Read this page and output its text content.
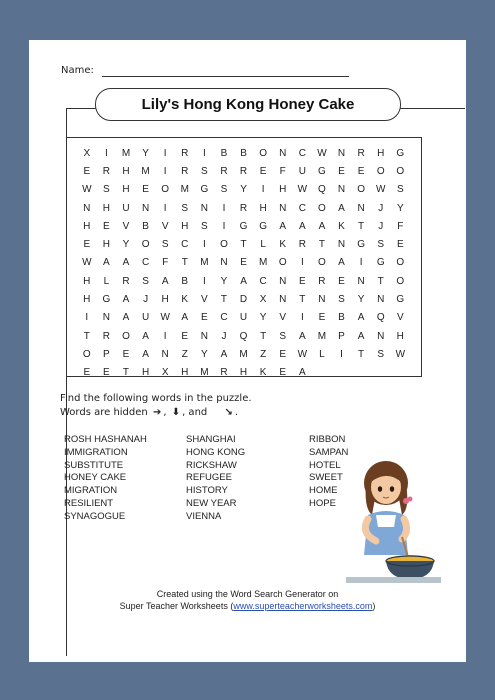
Name:
Lily's Hong Kong Honey Cake
X	I	M	Y	I	R	I	B	B	O	N	C	W	N	R	H	G
E	R	H	M	I	R	S	R	R	E	F	U	G	E	E	O	O
W	S	H	E	O	M	G	S	Y	I	H	W	Q	N	O	W	S
N	H	U	N	I	S	N	I	R	H	N	C	O	A	N	J	Y
H	E	V	B	V	H	S	I	G	G	A	A	A	K	T	J	F
E	H	Y	O	S	C	I	O	T	L	K	R	T	N	G	S	E
W	A	A	C	F	T	M	N	E	M	O	I	O	A	I	G	O
H	L	R	S	A	B	I	Y	A	C	N	E	R	E	N	T	O
H	G	A	J	H	K	V	T	D	X	N	T	N	S	Y	N	G
I	N	A	U	W	A	E	C	U	Y	V	I	E	B	A	Q	V
T	R	O	A	I	E	N	J	Q	T	S	A	M	P	A	N	H
O	P	E	A	N	Z	Y	A	M	Z	E	W	L	I	T	S	W
E	E	T	H	X	H	M	R	H	K	E	A
Find the following words in the puzzle.
Words are hidden ➔ , ⬇ , and ↘ .
ROSH HASHANAH
IMMIGRATION
SUBSTITUTE
HONEY CAKE
MIGRATION
RESILIENT
SYNAGOGUE
SHANGHAI
HONG KONG
RICKSHAW
REFUGEE
HISTORY
NEW YEAR
VIENNA
RIBBON
SAMPAN
HOTEL
SWEET
HOME
HOPE
Created using the Word Search Generator on
Super Teacher Worksheets (www.superteacherworksheets.com)
